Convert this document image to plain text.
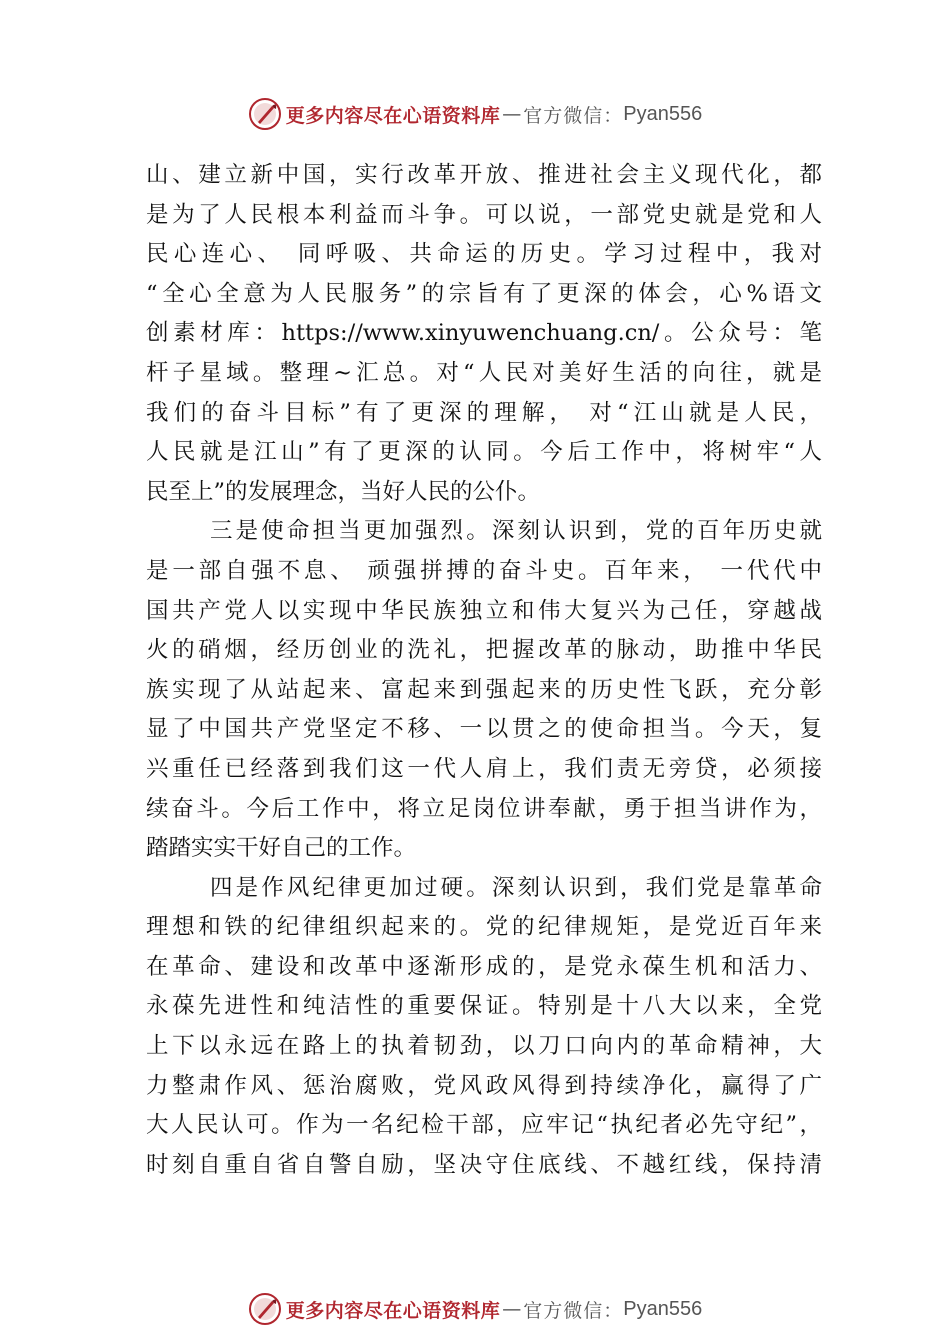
更多内容尽在心语资料库 — 官方微信： Pyan556
山、建立新中国，实行改革开放、推进社会主义现代化，都
是为了人民根本利益而斗争。可以说，一部党史就是党和人
民心连心、 同呼吸、共命运的历史。学习过程中，我对
“全心全意为人民服务”的宗旨有了更深的体会，心%语文
创素材库：https://www.xinyuwenchuang.cn/。公众号：笔
杆子星域。整理~汇总。对“人民对美好生活的向往，就是
我们的奋斗目标”有了更深的理解， 对“江山就是人民，
人民就是江山”有了更深的认同。今后工作中，将树牢“人
民至上”的发展理念，当好人民的公仆。
三是使命担当更加强烈。深刻认识到，党的百年历史就
是一部自强不息、 顽强拼搏的奋斗史。百年来， 一代代中
国共产党人以实现中华民族独立和伟大复兴为己任，穿越战
火的硝烟，经历创业的洗礼，把握改革的脉动，助推中华民
族实现了从站起来、富起来到强起来的历史性飞跃，充分彰
显了中国共产党坚定不移、一以贯之的使命担当。今天，复
兴重任已经落到我们这一代人肩上，我们责无旁贷，必须接
续奋斗。今后工作中，将立足岗位讲奉献，勇于担当讲作为，
踏踏实实干好自己的工作。
四是作风纪律更加过硬。深刻认识到，我们党是靠革命
理想和铁的纪律组织起来的。党的纪律规矩，是党近百年来
在革命、建设和改革中逐渐形成的，是党永葆生机和活力、
永葆先进性和纯洁性的重要保证。特别是十八大以来，全党
上下以永远在路上的执着韧劲，以刀口向内的革命精神，大
力整肃作风、惩治腐败，党风政风得到持续净化，赢得了广
大人民认可。作为一名纪检干部，应牢记“执纪者必先守纪”，
时刻自重自省自警自励，坚决守住底线、不越红线，保持清
更多内容尽在心语资料库 — 官方微信： Pyan556
